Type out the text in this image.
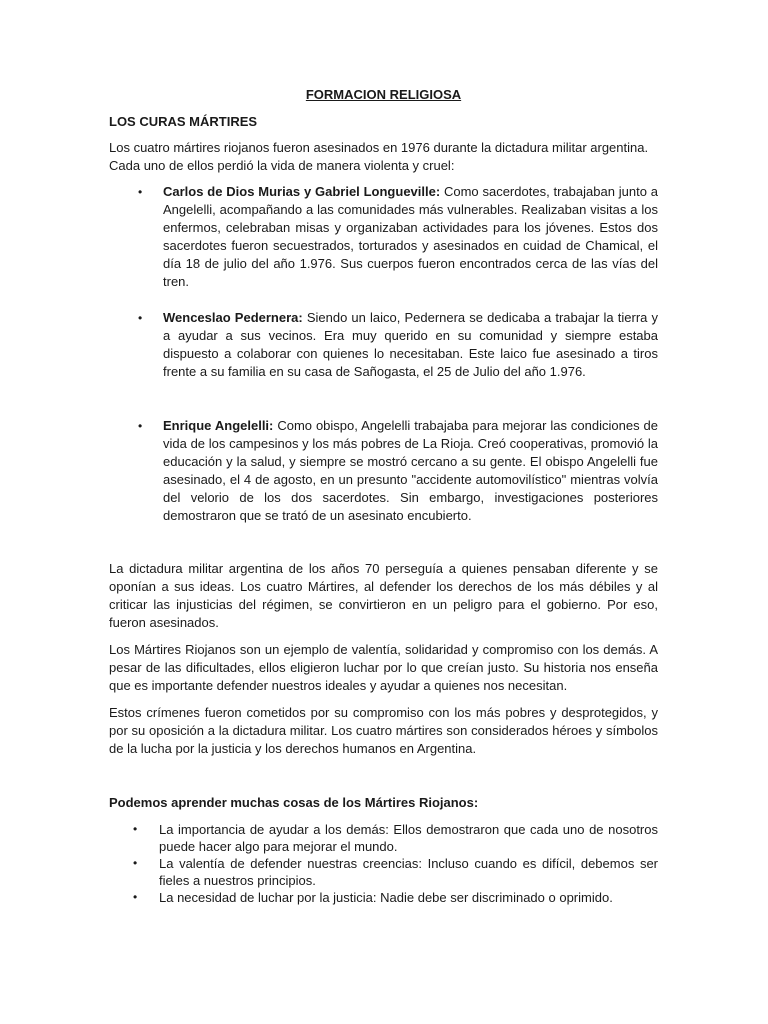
FORMACION RELIGIOSA

LOS CURAS MÁRTIRES

Los cuatro mártires riojanos fueron asesinados en 1976 durante la dictadura militar argentina. Cada uno de ellos perdió la vida de manera violenta y cruel:

• Carlos de Dios Murias y Gabriel Longueville: Como sacerdotes, trabajaban junto a Angelelli, acompañando a las comunidades más vulnerables. Realizaban visitas a los enfermos, celebraban misas y organizaban actividades para los jóvenes. Estos dos sacerdotes fueron secuestrados, torturados y asesinados en cuidad de Chamical, el día 18 de julio del año 1.976. Sus cuerpos fueron encontrados cerca de las vías del tren.
• Wenceslao Pedernera: Siendo un laico, Pedernera se dedicaba a trabajar la tierra y a ayudar a sus vecinos. Era muy querido en su comunidad y siempre estaba dispuesto a colaborar con quienes lo necesitaban. Este laico fue asesinado a tiros frente a su familia en su casa de Sañogasta, el 25 de Julio del año 1.976.
• Enrique Angelelli: Como obispo, Angelelli trabajaba para mejorar las condiciones de vida de los campesinos y los más pobres de La Rioja. Creó cooperativas, promovió la educación y la salud, y siempre se mostró cercano a su gente. El obispo Angelelli fue asesinado, el 4 de agosto, en un presunto "accidente automovilístico" mientras volvía del velorio de los dos sacerdotes. Sin embargo, investigaciones posteriores demostraron que se trató de un asesinato encubierto.

La dictadura militar argentina de los años 70 perseguía a quienes pensaban diferente y se oponían a sus ideas. Los cuatro Mártires, al defender los derechos de los más débiles y al criticar las injusticias del régimen, se convirtieron en un peligro para el gobierno. Por eso, fueron asesinados.

Los Mártires Riojanos son un ejemplo de valentía, solidaridad y compromiso con los demás. A pesar de las dificultades, ellos eligieron luchar por lo que creían justo. Su historia nos enseña que es importante defender nuestros ideales y ayudar a quienes nos necesitan.

Estos crímenes fueron cometidos por su compromiso con los más pobres y desprotegidos, y por su oposición a la dictadura militar. Los cuatro mártires son considerados héroes y símbolos de la lucha por la justicia y los derechos humanos en Argentina.

Podemos aprender muchas cosas de los Mártires Riojanos:

• La importancia de ayudar a los demás: Ellos demostraron que cada uno de nosotros puede hacer algo para mejorar el mundo.
• La valentía de defender nuestras creencias: Incluso cuando es difícil, debemos ser fieles a nuestros principios.
• La necesidad de luchar por la justicia: Nadie debe ser discriminado o oprimido.
